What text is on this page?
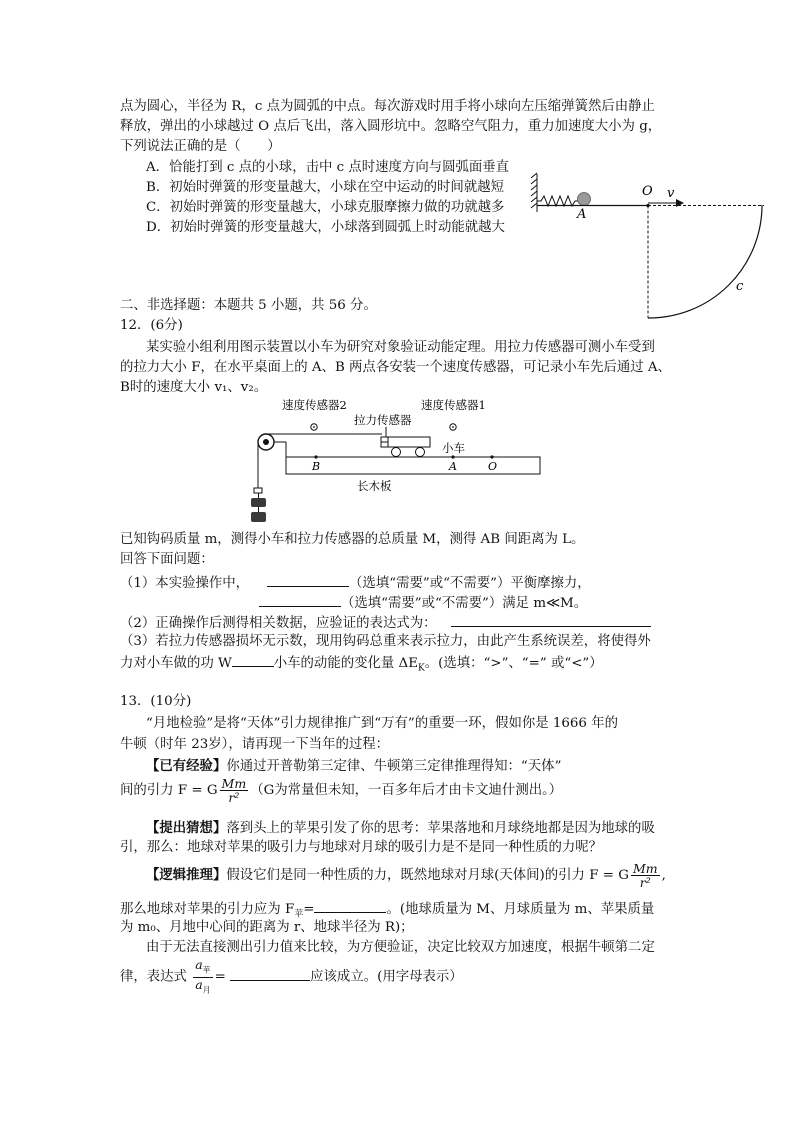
点为圆心，半径为 R，c 点为圆弧的中点。每次游戏时用手将小球向左压缩弹簧然后由静止
释放，弹出的小球越过 O 点后飞出，落入圆形坑中。忽略空气阻力，重力加速度大小为 g，
下列说法正确的是（　　）
A．恰能打到 c 点的小球，击中 c 点时速度方向与圆弧面垂直
B．初始时弹簧的形变量越大，小球在空中运动的时间就越短
C．初始时弹簧的形变量越大，小球克服摩擦力做的功就越多
D．初始时弹簧的形变量越大，小球落到圆弧上时动能就越大
O v
A
c
二、非选择题：本题共 5 小题，共 56 分。
12．(6分)
某实验小组利用图示装置以小车为研究对象验证动能定理。用拉力传感器可测小车受到
的拉力大小 F，在水平桌面上的 A、B 两点各安装一个速度传感器，可记录小车先后通过 A、
B时的速度大小 v₁、v₂。
速度传感器2	速度传感器1
拉力传感器
B	A	O
小车
长木板
已知钩码质量 m，测得小车和拉力传感器的总质量 M，测得 AB 间距离为 L。
回答下面问题：
（1）本实验操作中，	（选填“需要”或“不需要”）平衡摩擦力，
（选填“需要”或“不需要”）满足 m≪M。
（2）正确操作后测得相关数据，应验证的表达式为：
（3）若拉力传感器损坏无示数，现用钩码总重来表示拉力，由此产生系统误差，将使得外
力对小车做的功 W	小车的动能的变化量 $\Delta E_K$。(选填：“>”、“=” 或“<”）
13．(10分)
“月地检验”是将“天体”引力规律推广到“万有”的重要一环，假如你是 1666 年的
牛顿（时年 23岁），请再现一下当年的过程：
【已有经验】你通过开普勒第三定律、牛顿第三定律推理得知：“天体”
间的引力 F = G $\frac{Mm}{\text{r²}} (G$为常量但未知，一百多年后才由卡文迪什测出。）
【提出猜想】落到头上的苹果引发了你的思考：苹果落地和月球绕地都是因为地球的吸
引，那么：地球对苹果的吸引力与地球对月球的吸引力是不是同一种性质的力呢？
【逻辑推理】假设它们是同一种性质的力，既然地球对月球(天体间)的引力 F = G $\frac{Mm}{\text{r²}}$ ,
那么地球对苹果的引力应为 $F_苹=$	。(地球质量为 M、月球质量为 m、苹果质量
为 m₀、月地中心间的距离为 r、地球半径为 R)；
由于无法直接测出引力值来比较，为方便验证，决定比较双方加速度，根据牛顿第二定
律，表达式 $\frac{a_苹}{a_月}$ =	应该成立。(用字母表示）
